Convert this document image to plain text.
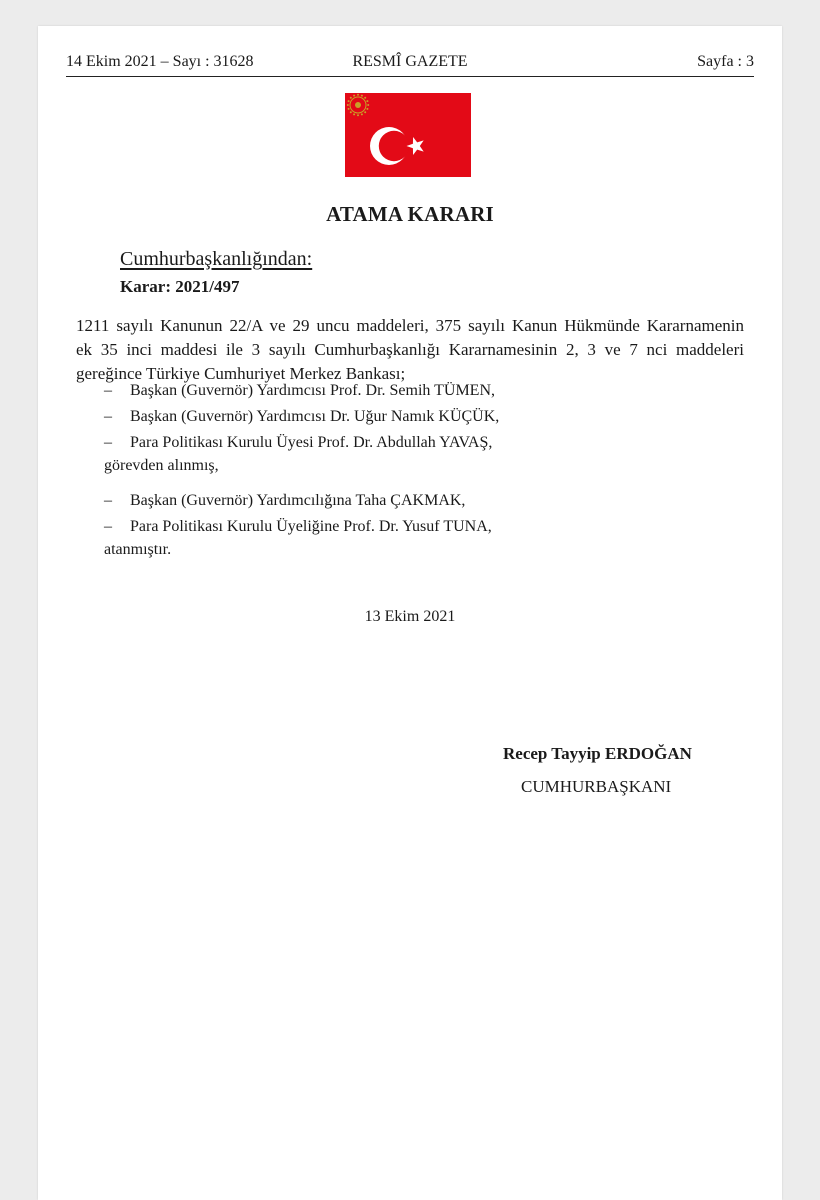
14 Ekim 2021 – Sayı : 31628	RESMÎ GAZETE	Sayfa : 3
ATAMA KARARI
Cumhurbaşkanlığından:
Karar: 2021/497

1211 sayılı Kanunun 22/A ve 29 uncu maddeleri, 375 sayılı Kanun Hükmünde Kararnamenin

ek 35 inci maddesi ile 3 sayılı Cumhurbaşkanlığı Kararnamesinin 2, 3 ve 7 nci maddeleri

gereğince Türkiye Cumhuriyet Merkez Bankası;

– Başkan (Guvernör) Yardımcısı Prof. Dr. Semih TÜMEN,
– Başkan (Guvernör) Yardımcısı Dr. Uğur Namık KÜÇÜK,
– Para Politikası Kurulu Üyesi Prof. Dr. Abdullah YAVAŞ,
görevden alınmış,
– Başkan (Guvernör) Yardımcılığına Taha ÇAKMAK,
– Para Politikası Kurulu Üyeliğine Prof. Dr. Yusuf TUNA,
atanmıştır.
13 Ekim 2021
Recep Tayyip ERDOĞAN
CUMHURBAŞKANI
